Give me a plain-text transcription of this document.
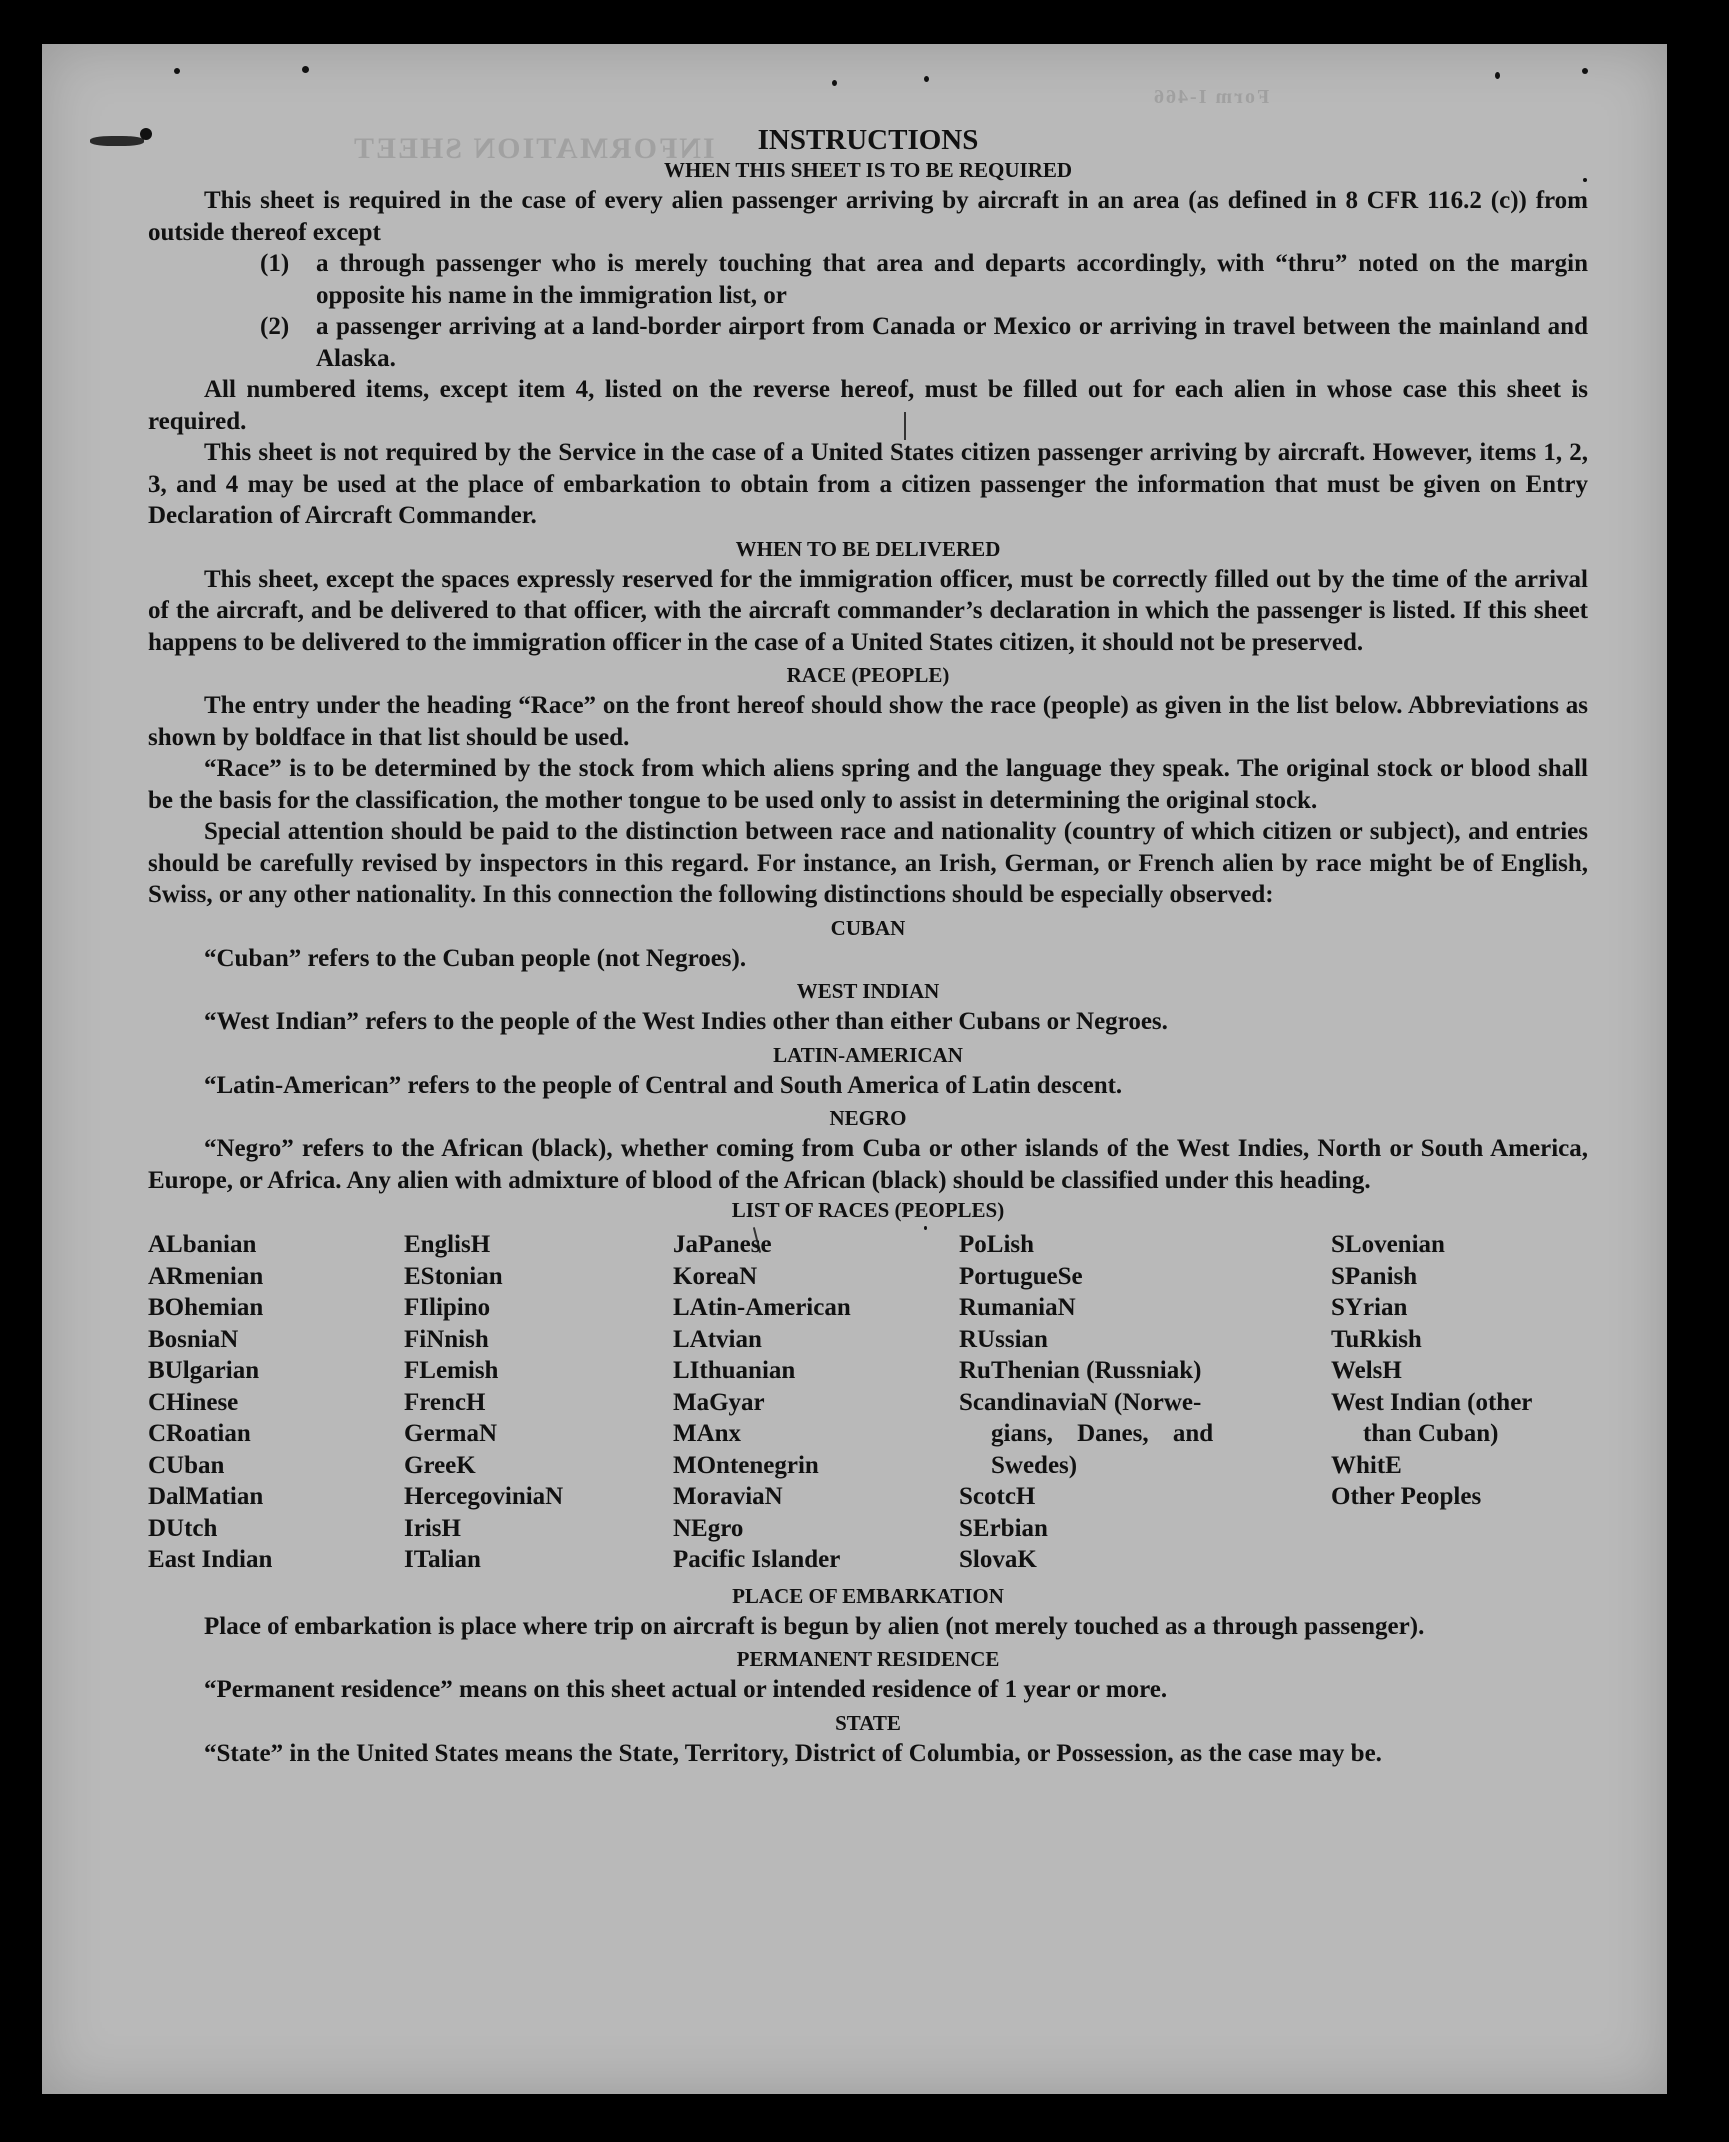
INFORMATION SHEET
Form I-466
INSTRUCTIONS
WHEN THIS SHEET IS TO BE REQUIRED

This sheet is required in the case of every alien passenger arriving by aircraft in an area (as defined in 8 CFR 116.2 (c)) from outside thereof except

(1)	a through passenger who is merely touching that area and departs accordingly, with “thru” noted on the margin opposite his name in the immigration list, or
(2)	a passenger arriving at a land-border airport from Canada or Mexico or arriving in travel between the mainland and Alaska.

All numbered items, except item 4, listed on the reverse hereof, must be filled out for each alien in whose case this sheet is required.

This sheet is not required by the Service in the case of a United States citizen passenger arriving by aircraft. However, items 1, 2, 3, and 4 may be used at the place of embarkation to obtain from a citizen passenger the information that must be given on Entry Declaration of Aircraft Commander.

WHEN TO BE DELIVERED

This sheet, except the spaces expressly reserved for the immigration officer, must be correctly filled out by the time of the arrival of the aircraft, and be delivered to that officer, with the aircraft commander’s declaration in which the passenger is listed. If this sheet happens to be delivered to the immigration officer in the case of a United States citizen, it should not be preserved.

RACE (PEOPLE)

The entry under the heading “Race” on the front hereof should show the race (people) as given in the list below. Abbreviations as shown by boldface in that list should be used.

“Race” is to be determined by the stock from which aliens spring and the language they speak. The original stock or blood shall be the basis for the classification, the mother tongue to be used only to assist in determining the original stock.

Special attention should be paid to the distinction between race and nationality (country of which citizen or subject), and entries should be carefully revised by inspectors in this regard. For instance, an Irish, German, or French alien by race might be of English, Swiss, or any other nationality. In this connection the following distinctions should be especially observed:

CUBAN

“Cuban” refers to the Cuban people (not Negroes).

WEST INDIAN

“West Indian” refers to the people of the West Indies other than either Cubans or Negroes.

LATIN-AMERICAN

“Latin-American” refers to the people of Central and South America of Latin descent.

NEGRO

“Negro” refers to the African (black), whether coming from Cuba or other islands of the West Indies, North or South America, Europe, or Africa. Any alien with admixture of blood of the African (black) should be classified under this heading.

LIST OF RACES (PEOPLES)
ALbanian
ARmenian
BOhemian
BosniaN
BUlgarian
CHinese
CRoatian
CUban
DalMatian
DUtch
East Indian
EnglisH
EStonian
FIlipino
FiNnish
FLemish
FrencH
GermaN
GreeK
HercegoviniaN
IrisH
ITalian
JaPanese
KoreaN
LAtin-American
LAtvian
LIthuanian
MaGyar
MAnx
MOntenegrin
MoraviaN
NEgro
Pacific Islander
PoLish
PortugueSe
RumaniaN
RUssian
RuThenian (Russniak)
ScandinaviaN (Norwe-
gians, Danes, and
Swedes)
ScotcH
SErbian
SlovaK
SLovenian
SPanish
SYrian
TuRkish
WelsH
West Indian (other
than Cuban)
WhitE
Other Peoples
PLACE OF EMBARKATION

Place of embarkation is place where trip on aircraft is begun by alien (not merely touched as a through passenger).

PERMANENT RESIDENCE

“Permanent residence” means on this sheet actual or intended residence of 1 year or more.

STATE

“State” in the United States means the State, Territory, District of Columbia, or Possession, as the case may be.
